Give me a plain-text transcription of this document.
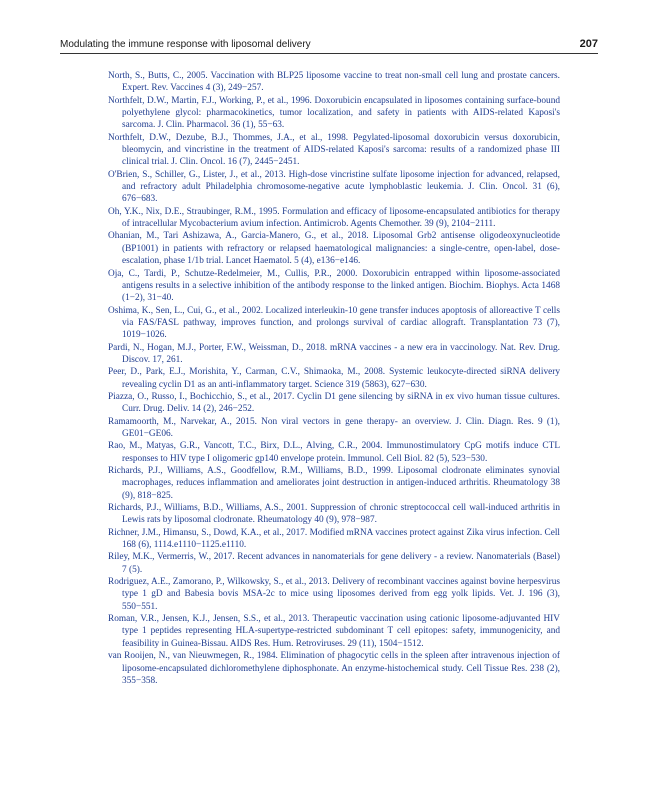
Modulating the immune response with liposomal delivery	207
North, S., Butts, C., 2005. Vaccination with BLP25 liposome vaccine to treat non-small cell lung and prostate cancers. Expert. Rev. Vaccines 4 (3), 249−257.
Northfelt, D.W., Martin, F.J., Working, P., et al., 1996. Doxorubicin encapsulated in liposomes containing surface-bound polyethylene glycol: pharmacokinetics, tumor localization, and safety in patients with AIDS-related Kaposi's sarcoma. J. Clin. Pharmacol. 36 (1), 55−63.
Northfelt, D.W., Dezube, B.J., Thommes, J.A., et al., 1998. Pegylated-liposomal doxorubicin versus doxorubicin, bleomycin, and vincristine in the treatment of AIDS-related Kaposi's sarcoma: results of a randomized phase III clinical trial. J. Clin. Oncol. 16 (7), 2445−2451.
O'Brien, S., Schiller, G., Lister, J., et al., 2013. High-dose vincristine sulfate liposome injection for advanced, relapsed, and refractory adult Philadelphia chromosome-negative acute lymphoblastic leukemia. J. Clin. Oncol. 31 (6), 676−683.
Oh, Y.K., Nix, D.E., Straubinger, R.M., 1995. Formulation and efficacy of liposome-encapsulated antibiotics for therapy of intracellular Mycobacterium avium infection. Antimicrob. Agents Chemother. 39 (9), 2104−2111.
Ohanian, M., Tari Ashizawa, A., Garcia-Manero, G., et al., 2018. Liposomal Grb2 antisense oligodeoxynucleotide (BP1001) in patients with refractory or relapsed haematological malignancies: a single-centre, open-label, dose-escalation, phase 1/1b trial. Lancet Haematol. 5 (4), e136−e146.
Oja, C., Tardi, P., Schutze-Redelmeier, M., Cullis, P.R., 2000. Doxorubicin entrapped within liposome-associated antigens results in a selective inhibition of the antibody response to the linked antigen. Biochim. Biophys. Acta 1468 (1−2), 31−40.
Oshima, K., Sen, L., Cui, G., et al., 2002. Localized interleukin-10 gene transfer induces apoptosis of alloreactive T cells via FAS/FASL pathway, improves function, and prolongs survival of cardiac allograft. Transplantation 73 (7), 1019−1026.
Pardi, N., Hogan, M.J., Porter, F.W., Weissman, D., 2018. mRNA vaccines - a new era in vaccinology. Nat. Rev. Drug. Discov. 17, 261.
Peer, D., Park, E.J., Morishita, Y., Carman, C.V., Shimaoka, M., 2008. Systemic leukocyte-directed siRNA delivery revealing cyclin D1 as an anti-inflammatory target. Science 319 (5863), 627−630.
Piazza, O., Russo, I., Bochicchio, S., et al., 2017. Cyclin D1 gene silencing by siRNA in ex vivo human tissue cultures. Curr. Drug. Deliv. 14 (2), 246−252.
Ramamoorth, M., Narvekar, A., 2015. Non viral vectors in gene therapy- an overview. J. Clin. Diagn. Res. 9 (1), GE01−GE06.
Rao, M., Matyas, G.R., Vancott, T.C., Birx, D.L., Alving, C.R., 2004. Immunostimulatory CpG motifs induce CTL responses to HIV type I oligomeric gp140 envelope protein. Immunol. Cell Biol. 82 (5), 523−530.
Richards, P.J., Williams, A.S., Goodfellow, R.M., Williams, B.D., 1999. Liposomal clodronate eliminates synovial macrophages, reduces inflammation and ameliorates joint destruction in antigen-induced arthritis. Rheumatology 38 (9), 818−825.
Richards, P.J., Williams, B.D., Williams, A.S., 2001. Suppression of chronic streptococcal cell wall-induced arthritis in Lewis rats by liposomal clodronate. Rheumatology 40 (9), 978−987.
Richner, J.M., Himansu, S., Dowd, K.A., et al., 2017. Modified mRNA vaccines protect against Zika virus infection. Cell 168 (6), 1114.e1110−1125.e1110.
Riley, M.K., Vermerris, W., 2017. Recent advances in nanomaterials for gene delivery - a review. Nanomaterials (Basel) 7 (5).
Rodriguez, A.E., Zamorano, P., Wilkowsky, S., et al., 2013. Delivery of recombinant vaccines against bovine herpesvirus type 1 gD and Babesia bovis MSA-2c to mice using liposomes derived from egg yolk lipids. Vet. J. 196 (3), 550−551.
Roman, V.R., Jensen, K.J., Jensen, S.S., et al., 2013. Therapeutic vaccination using cationic liposome-adjuvanted HIV type 1 peptides representing HLA-supertype-restricted subdominant T cell epitopes: safety, immunogenicity, and feasibility in Guinea-Bissau. AIDS Res. Hum. Retroviruses. 29 (11), 1504−1512.
van Rooijen, N., van Nieuwmegen, R., 1984. Elimination of phagocytic cells in the spleen after intravenous injection of liposome-encapsulated dichloromethylene diphosphonate. An enzyme-histochemical study. Cell Tissue Res. 238 (2), 355−358.
